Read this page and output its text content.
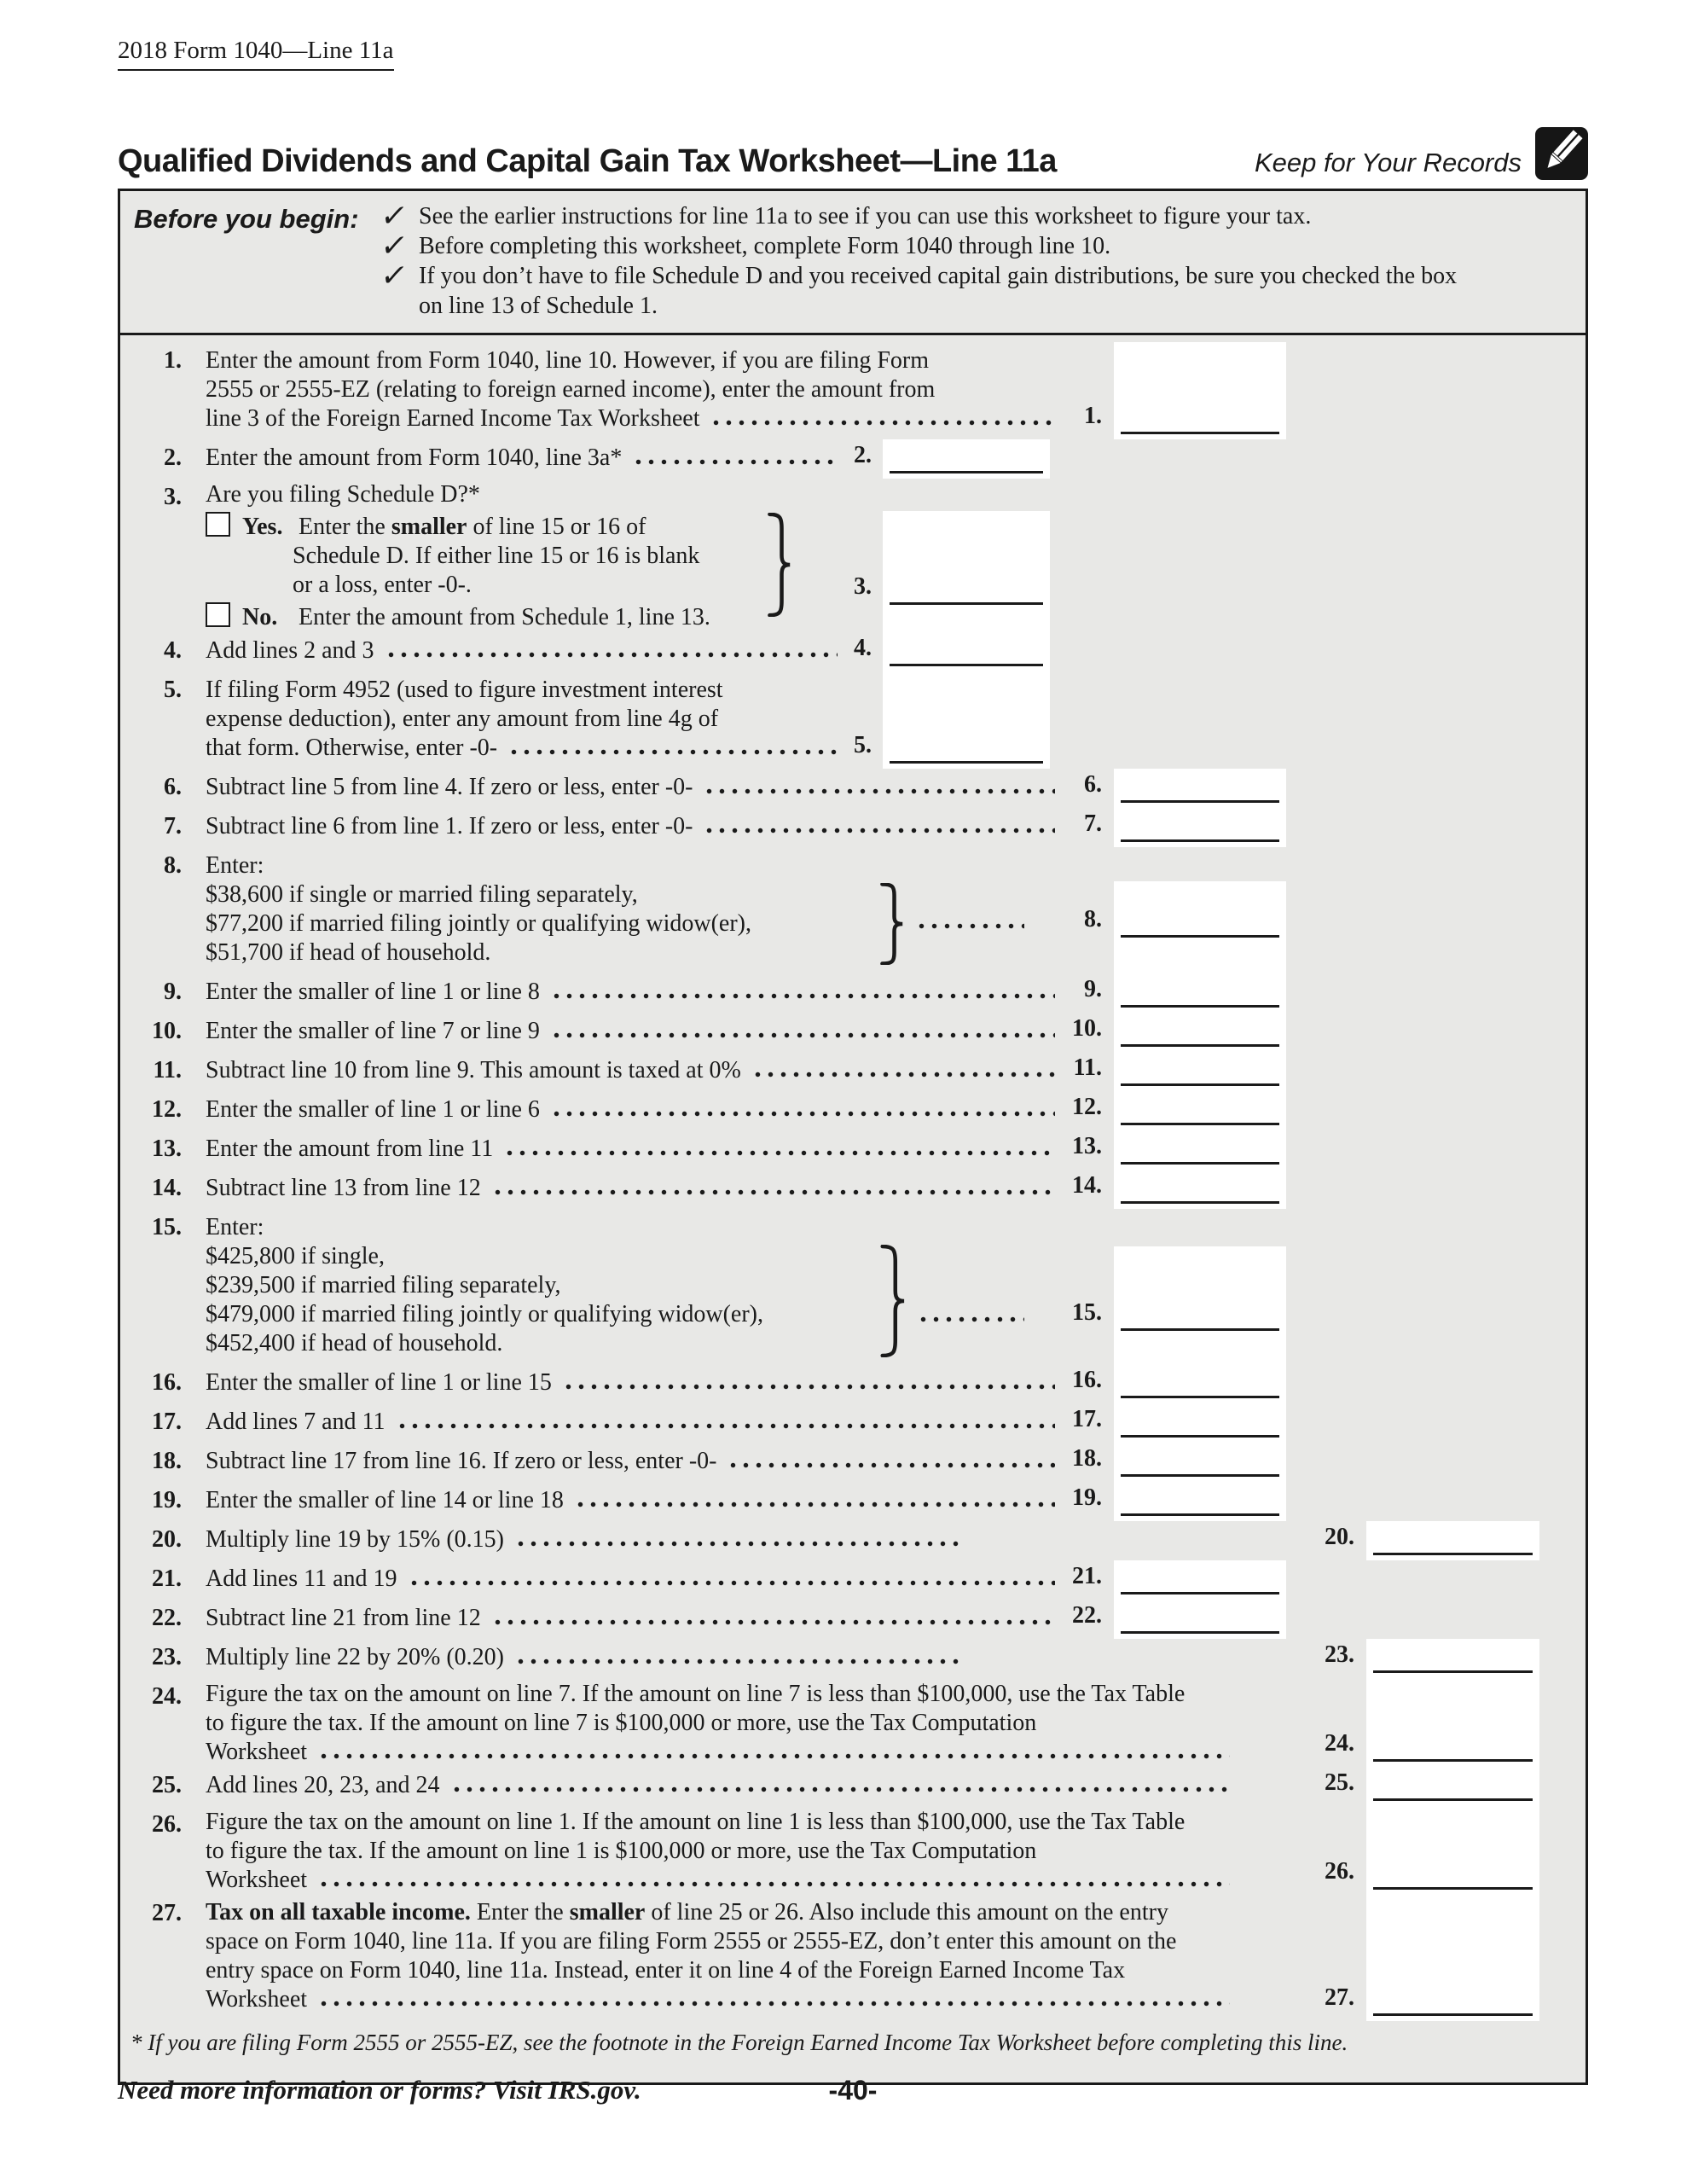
2018 Form 1040—Line 11a
Qualified Dividends and Capital Gain Tax Worksheet—Line 11a	Keep for Your Records
Before you begin: ✓ See the earlier instructions for line 11a to see if you can use this worksheet to figure your tax.
✓ Before completing this worksheet, complete Form 1040 through line 10.
✓ If you don’t have to file Schedule D and you received capital gain distributions, be sure you checked the box
on line 13 of Schedule 1.
1. Enter the amount from Form 1040, line 10. However, if you are filing Form
2555 or 2555-EZ (relating to foreign earned income), enter the amount from
line 3 of the Foreign Earned Income Tax Worksheet	1.
2. Enter the amount from Form 1040, line 3a*	2.
3. Are you filing Schedule D?*
Yes. Enter the smaller of line 15 or 16 of
Schedule D. If either line 15 or 16 is blank
or a loss, enter -0-.
No. Enter the amount from Schedule 1, line 13.
3.
4. Add lines 2 and 3	4.
5. If filing Form 4952 (used to figure investment interest
expense deduction), enter any amount from line 4g of
that form. Otherwise, enter -0-	5.
6. Subtract line 5 from line 4. If zero or less, enter -0-	6.
7. Subtract line 6 from line 1. If zero or less, enter -0-	7.
8. Enter:
$38,600 if single or married filing separately,
$77,200 if married filing jointly or qualifying widow(er),
$51,700 if head of household.
8.
9. Enter the smaller of line 1 or line 8	9.
10. Enter the smaller of line 7 or line 9	10.
11. Subtract line 10 from line 9. This amount is taxed at 0%	11.
12. Enter the smaller of line 1 or line 6	12.
13. Enter the amount from line 11	13.
14. Subtract line 13 from line 12	14.
15. Enter:
$425,800 if single,
$239,500 if married filing separately,
$479,000 if married filing jointly or qualifying widow(er),
$452,400 if head of household.
15.
16. Enter the smaller of line 1 or line 15	16.
17. Add lines 7 and 11	17.
18. Subtract line 17 from line 16. If zero or less, enter -0-	18.
19. Enter the smaller of line 14 or line 18	19.
20. Multiply line 19 by 15% (0.15)	20.
21. Add lines 11 and 19	21.
22. Subtract line 21 from line 12	22.
23. Multiply line 22 by 20% (0.20)	23.
24. Figure the tax on the amount on line 7. If the amount on line 7 is less than $100,000, use the Tax Table
to figure the tax. If the amount on line 7 is $100,000 or more, use the Tax Computation
Worksheet	24.
25. Add lines 20, 23, and 24	25.
26. Figure the tax on the amount on line 1. If the amount on line 1 is less than $100,000, use the Tax Table
to figure the tax. If the amount on line 1 is $100,000 or more, use the Tax Computation
Worksheet	26.
27. Tax on all taxable income. Enter the smaller of line 25 or 26. Also include this amount on the entry
space on Form 1040, line 11a. If you are filing Form 2555 or 2555-EZ, don’t enter this amount on the
entry space on Form 1040, line 11a. Instead, enter it on line 4 of the Foreign Earned Income Tax
Worksheet	27.
* If you are filing Form 2555 or 2555-EZ, see the footnote in the Foreign Earned Income Tax Worksheet before completing this line.
Need more information or forms? Visit IRS.gov.	-40-
